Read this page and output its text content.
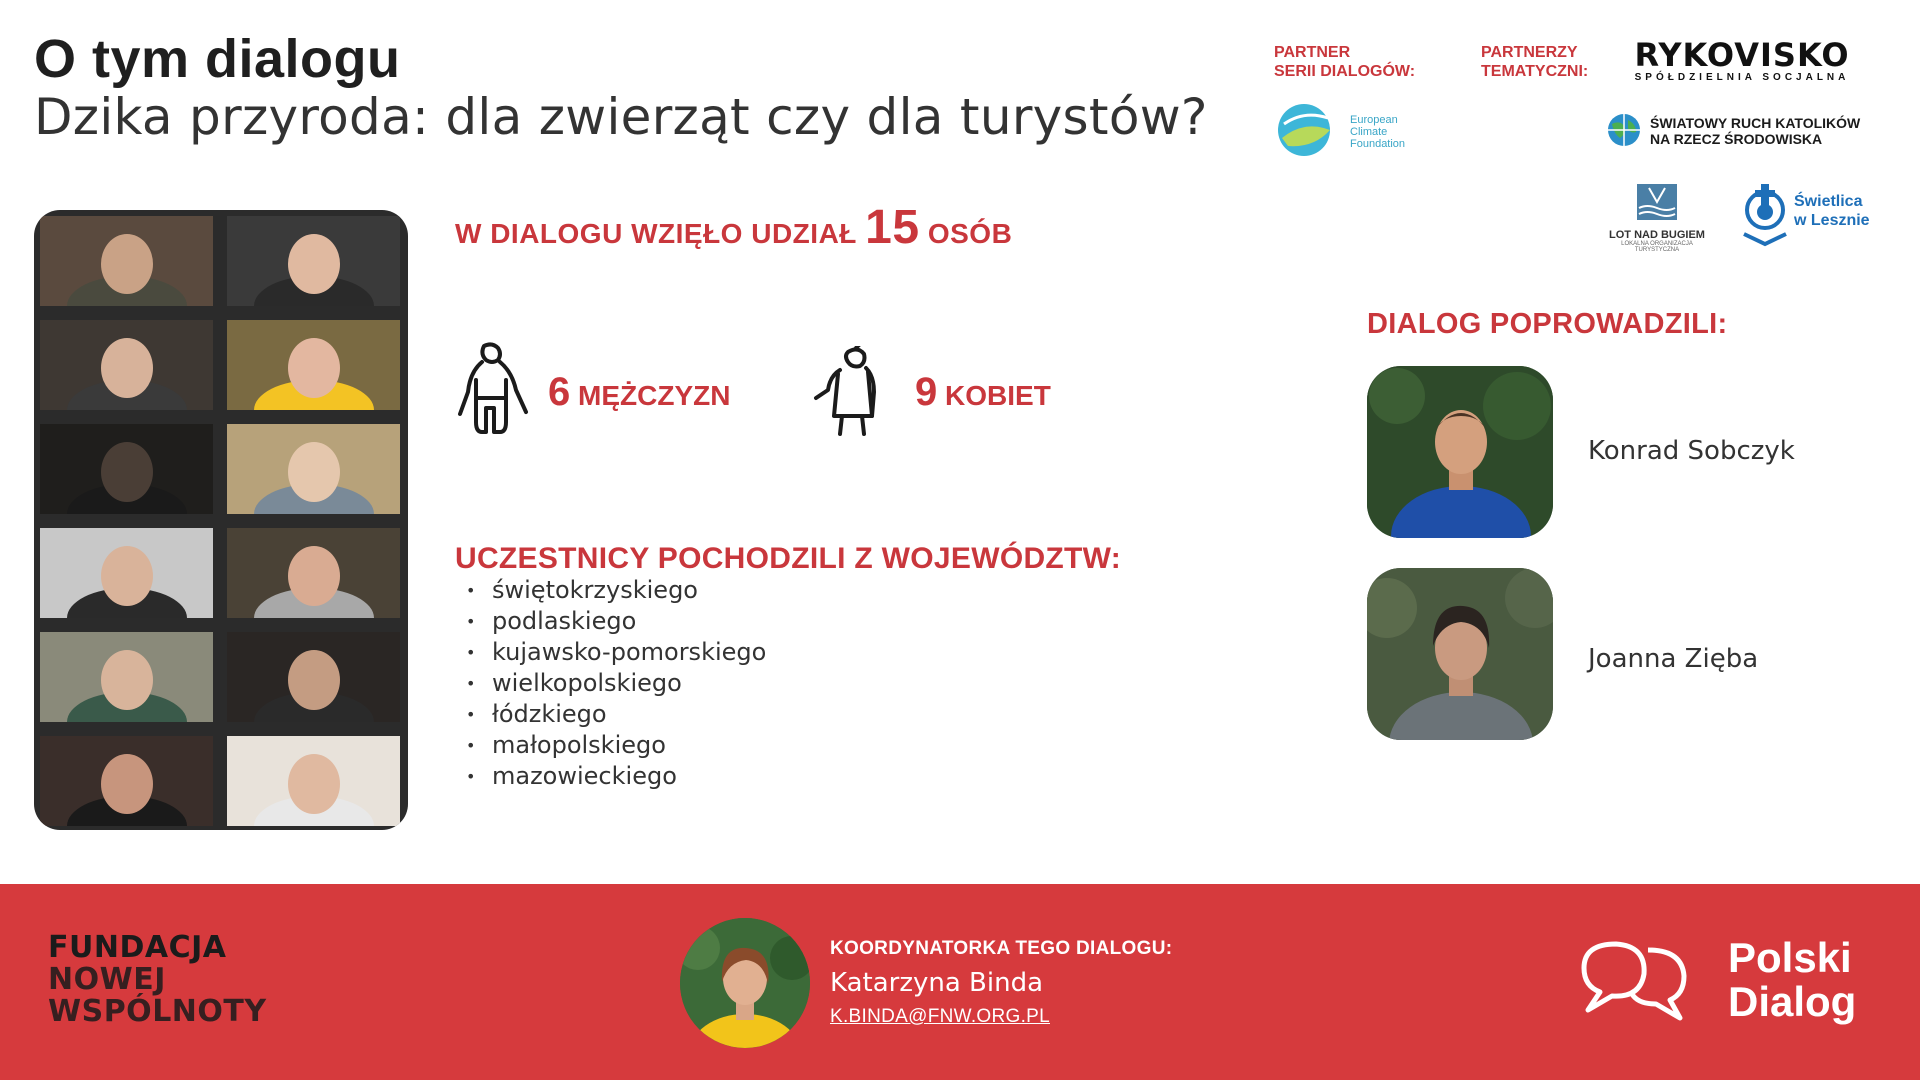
O tym dialogu
Dzika przyroda: dla zwierząt czy dla turystów?
PARTNER
SERII DIALOGÓW:
PARTNERZY
TEMATYCZNI:
European
Climate
Foundation
RYKOVISKO
SPÓŁDZIELNIA SOCJALNA
ŚWIATOWY RUCH KATOLIKÓW
NA RZECZ ŚRODOWISKA
LOT NAD BUGIEM
LOKALNA ORGANIZACJA TURYSTYCZNA
Świetlica
w Lesznie
W DIALOGU WZIĘŁO UDZIAŁ 15 OSÓB
6 MĘŻCZYZN	9 KOBIET
UCZESTNICY POCHODZILI Z WOJEWÓDZTW:
• świętokrzyskiego
• podlaskiego
• kujawsko-pomorskiego
• wielkopolskiego
• łódzkiego
• małopolskiego
• mazowieckiego
DIALOG POPROWADZILI:
Konrad Sobczyk
Joanna Zięba
FUNDACJA
NOWEJ
WSPÓLNOTY
KOORDYNATORKA TEGO DIALOGU:
Katarzyna Binda
K.BINDA@FNW.ORG.PL
Polski
Dialog
